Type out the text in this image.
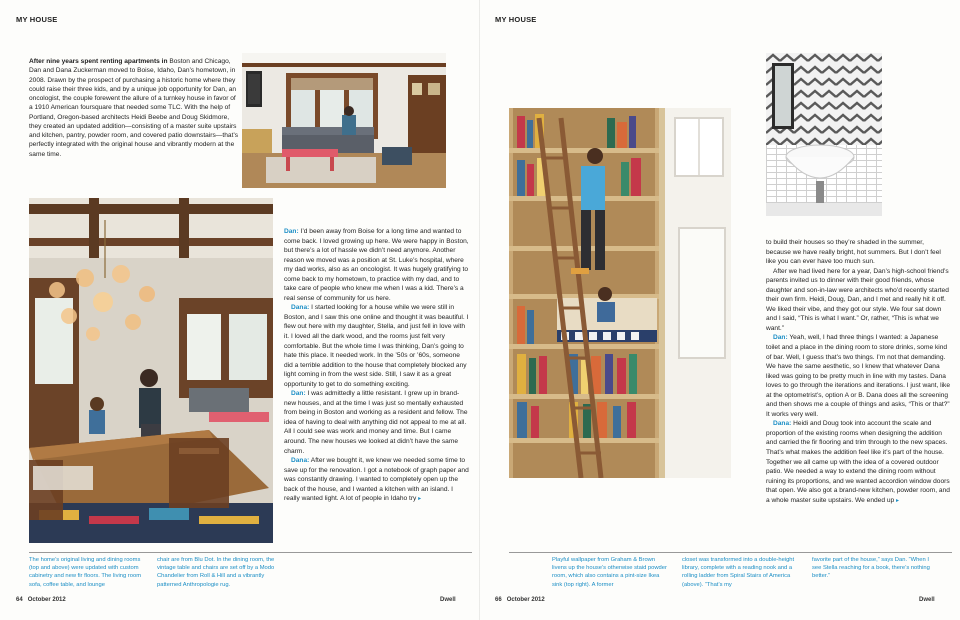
MY HOUSE

After nine years spent renting apartments in Boston and Chicago, Dan and Dana Zuckerman moved to Boise, Idaho, Dan’s hometown, in 2008. Drawn by the prospect of purchasing a historic home where they could raise their three kids, and by a unique job opportunity for Dan, an oncologist, the couple forewent the allure of a turnkey house in favor of a 1910 American foursquare that needed some TLC. With the help of Portland, Oregon-based architects Heidi Beebe and Doug Skidmore, they created an updated addition—consisting of a master suite upstairs and kitchen, pantry, powder room, and covered patio downstairs—that’s perfectly integrated with the original house and vibrantly modern at the same time.

Dan: I’d been away from Boise for a long time and wanted to come back. I loved growing up here. We were happy in Boston, but there’s a lot of hassle we didn’t need anymore. Another reason we moved was a position at St. Luke’s hospital, where my dad works, also as an oncologist. It was hugely gratifying to come back to my hometown, to practice with my dad, and to take care of people who knew me when I was a kid. There’s a real sense of community for us here.

Dana: I started looking for a house while we were still in Boston, and I saw this one online and thought it was beautiful. I flew out here with my daughter, Stella, and just fell in love with it. I loved all the dark wood, and the rooms just felt very comfortable. But the whole time I was thinking, Dan’s going to hate this place. It needed work. In the ’50s or ’60s, someone did a terrible addition to the house that completely blocked any light coming in from the west side. Still, I saw it as a great opportunity to get to do something exciting.

Dan: I was admittedly a little resistant. I grew up in brand-new houses, and at the time I was just so mentally exhausted from being in Boston and working as a resident and fellow. The idea of having to deal with anything did not appeal to me at all. All I could see was work and money and time. But I came around. The new houses we looked at didn’t have the same charm.

Dana: After we bought it, we knew we needed some time to save up for the renovation. I got a notebook of graph paper and was constantly drawing. I wanted to completely open up the back of the house, and I wanted a kitchen with an island. I really wanted light. A lot of people in Idaho try ▸

The home’s original living and dining rooms (top and above) were updated with custom cabinetry and new fir floors. The living room sofa, coffee table, and lounge

chair are from Blu Dot. In the dining room, the vintage table and chairs are set off by a Modo Chandelier from Roll & Hill and a vibrantly patterned Anthropologie rug.

64 October 2012	Dwell
MY HOUSE

to build their houses so they’re shaded in the summer, because we have really bright, hot summers. But I don’t feel like you can ever have too much sun.

After we had lived here for a year, Dan’s high-school friend’s parents invited us to dinner with their good friends, whose daughter and son-in-law were architects who’d recently started their own firm. Heidi, Doug, Dan, and I met and really hit it off. We liked their vibe, and they got our style. We four sat down and I said, “This is what I want.” Or, rather, “This is what we want.”

Dan: Yeah, well, I had three things I wanted: a Japanese toilet and a place in the dining room to store drinks, some kind of bar. Well, I guess that’s two things. I’m not that demanding. We have the same aesthetic, so I knew that whatever Dana liked was going to be pretty much in line with my tastes. Dana loves to go through the iterations and iterations. I just want, like at the optometrist’s, option A or B. Dana does all the screening and then shows me a couple of things and asks, “This or that?” It works very well.

Dana: Heidi and Doug took into account the scale and proportion of the existing rooms when designing the addition and carried the fir flooring and trim through to the new spaces. That’s what makes the addition feel like it’s part of the house. Together we all came up with the idea of a covered outdoor patio. We needed a way to extend the dining room without ruining its proportions, and we wanted accordion window doors that open. We also got a brand-new kitchen, powder room, and a whole master suite upstairs. We ended up ▸

Playful wallpaper from Graham & Brown livens up the house’s otherwise staid powder room, which also contains a pint-size Ikea sink (top right). A former

closet was transformed into a double-height library, complete with a reading nook and a rolling ladder from Spiral Stairs of America (above). “That’s my

favorite part of the house,” says Dan. “When I see Stella reaching for a book, there’s nothing better.”

66 October 2012	Dwell
